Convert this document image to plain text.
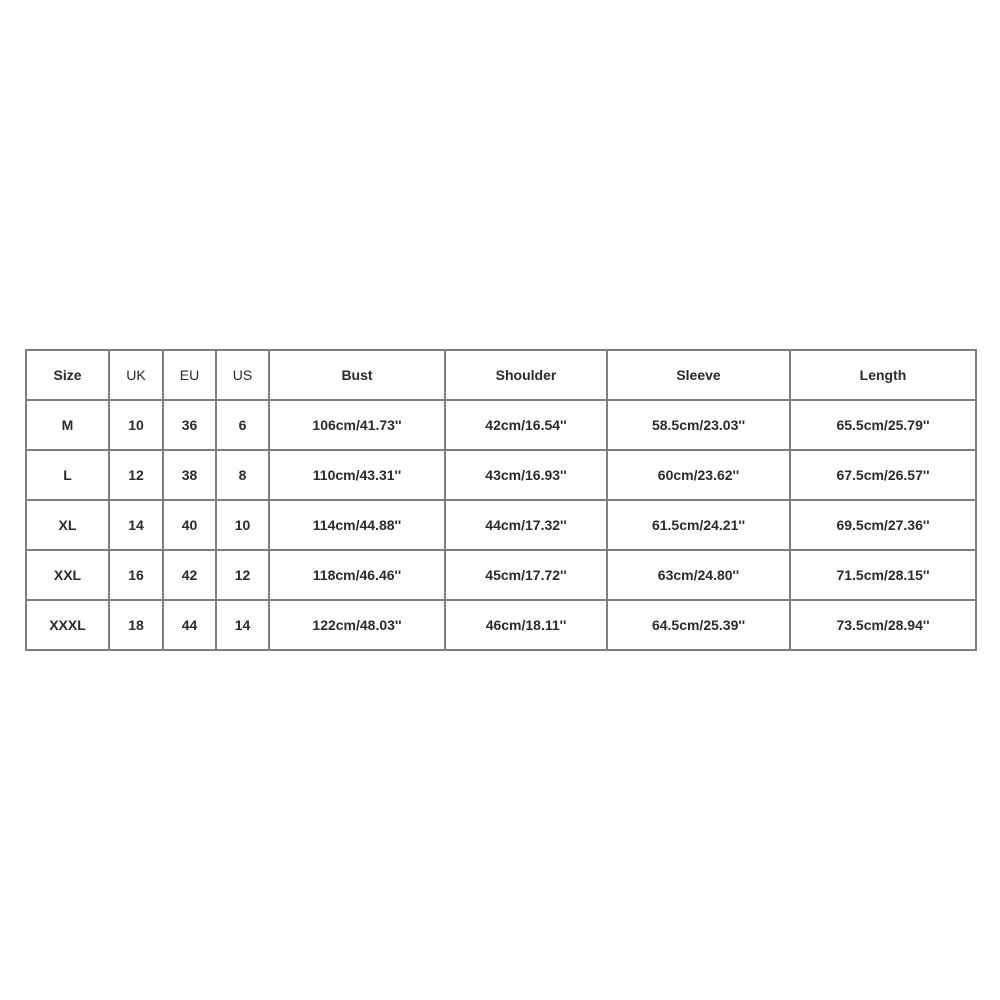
Size	UK	EU	US	Bust	Shoulder	Sleeve	Length
M	10	36	6	106cm/41.73''	42cm/16.54''	58.5cm/23.03''	65.5cm/25.79''
L	12	38	8	110cm/43.31''	43cm/16.93''	60cm/23.62''	67.5cm/26.57''
XL	14	40	10	114cm/44.88''	44cm/17.32''	61.5cm/24.21''	69.5cm/27.36''
XXL	16	42	12	118cm/46.46''	45cm/17.72''	63cm/24.80''	71.5cm/28.15''
XXXL	18	44	14	122cm/48.03''	46cm/18.11''	64.5cm/25.39''	73.5cm/28.94''
